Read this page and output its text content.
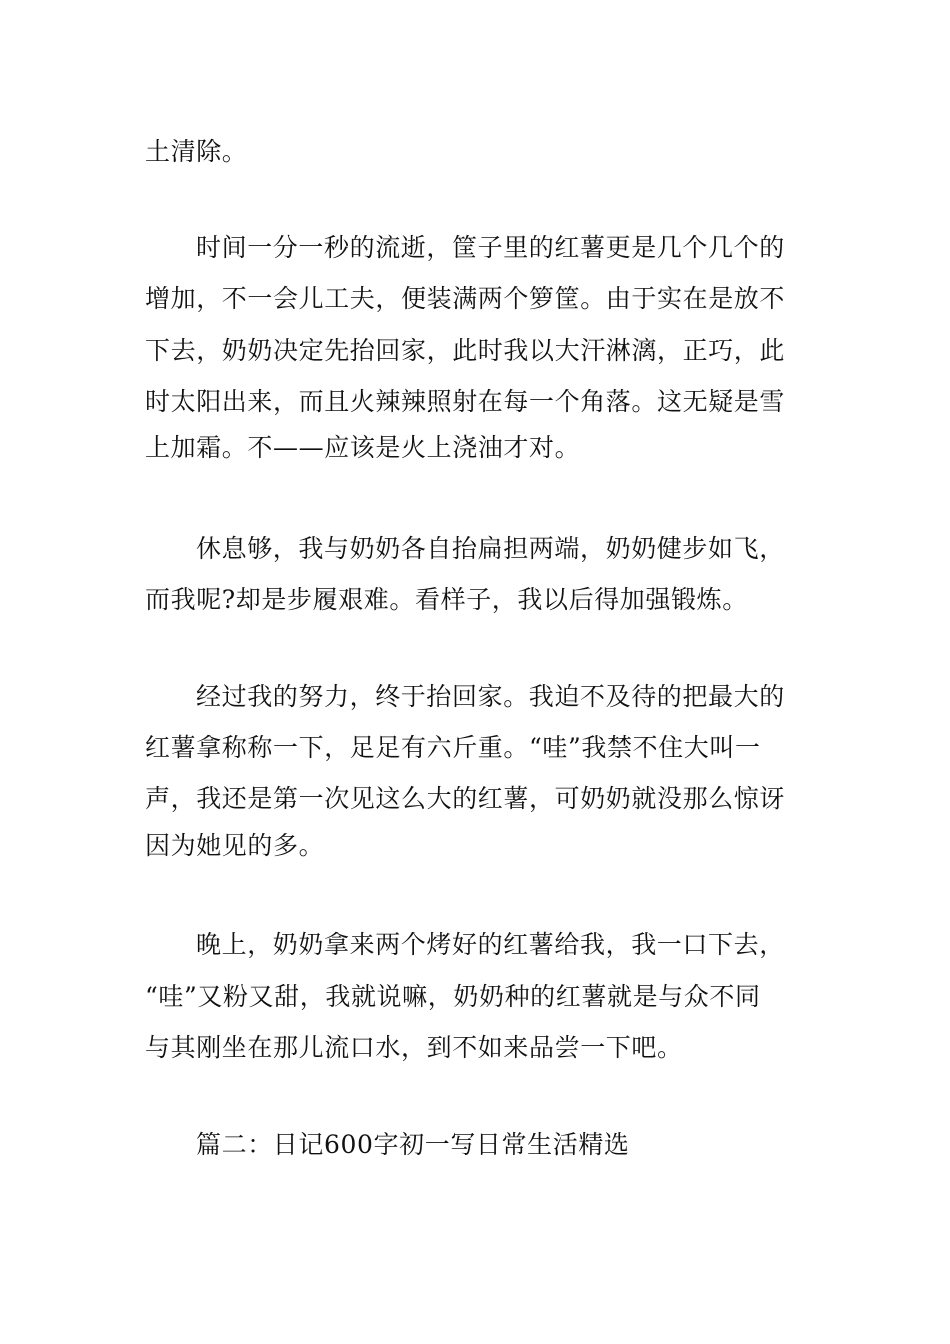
土清除。
时间一分一秒的流逝，筐子里的红薯更是几个几个的
增加，不一会儿工夫，便装满两个箩筐。由于实在是放不
下去，奶奶决定先抬回家，此时我以大汗淋漓，正巧，此
时太阳出来，而且火辣辣照射在每一个角落。这无疑是雪
上加霜。不——应该是火上浇油才对。
休息够，我与奶奶各自抬扁担两端，奶奶健步如飞，
而我呢?却是步履艰难。看样子，我以后得加强锻炼。
经过我的努力，终于抬回家。我迫不及待的把最大的
红薯拿称称一下，足足有六斤重。“哇”我禁不住大叫一
声，我还是第一次见这么大的红薯，可奶奶就没那么惊讶
因为她见的多。
晚上，奶奶拿来两个烤好的红薯给我，我一口下去，
“哇”又粉又甜，我就说嘛，奶奶种的红薯就是与众不同
与其刚坐在那儿流口水，到不如来品尝一下吧。
篇二：日记600字初一写日常生活精选
